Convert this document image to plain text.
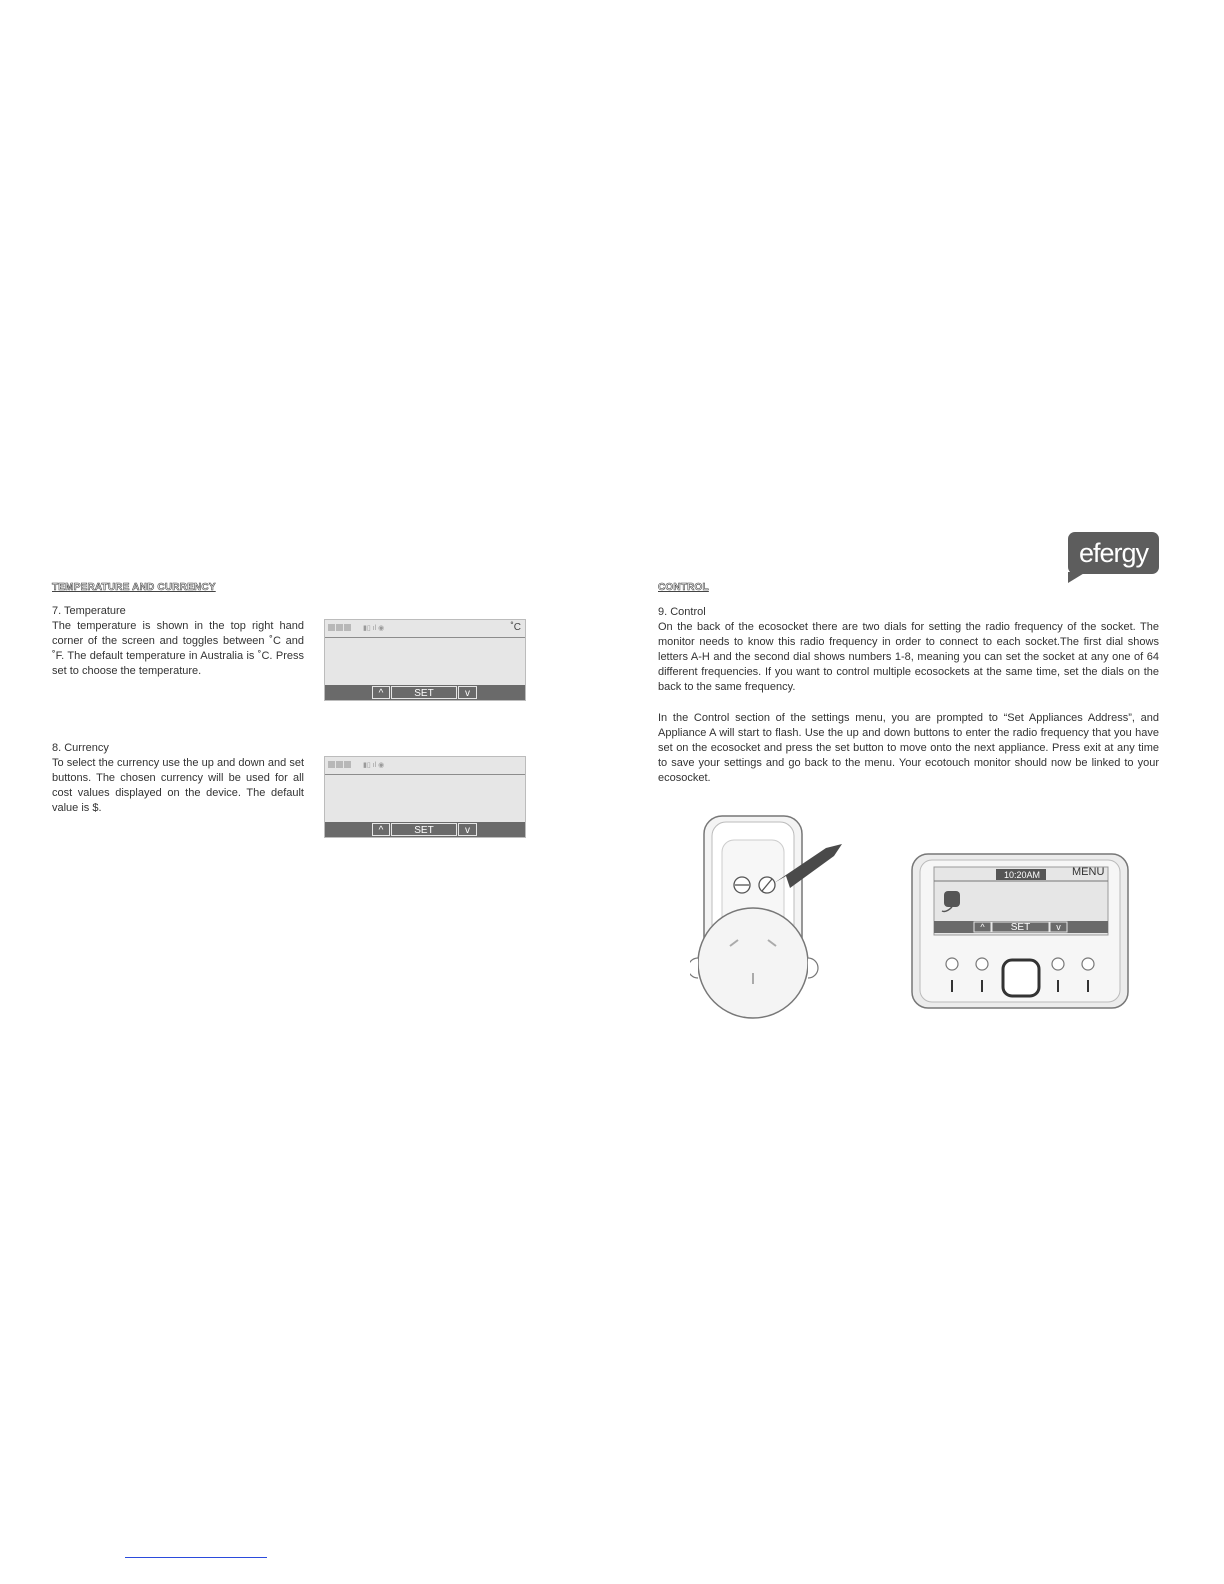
TEMPERATURE AND CURRENCY
7. Temperature
The temperature is shown in the top right hand corner of the screen and toggles between ˚C and ˚F. The default temperature in Australia is ˚C. Press set to choose the temperature.
▮▯ ıl ◉	˚C
^	SET	v
8. Currency
To select the currency use the up and down and set buttons. The chosen currency will be used for all cost values displayed on the device. The default value is $.
▮▯ ıl ◉
^	SET	v
efergy
CONTROL
9. Control
On the back of the ecosocket there are two dials for setting the radio frequency of the socket. The monitor needs to know this radio frequency in order to connect to each socket.The first dial shows letters A-H and the second dial shows numbers 1-8, meaning you can set the socket at any one of 64 different frequencies. If you want to control multiple ecosockets at the same time, set the dials on the back to the same frequency.
In the Control section of the settings menu, you are prompted to “Set Appliances Address”, and Appliance A will start to flash. Use the up and down buttons to enter the radio frequency that you have set on the ecosocket and press the set button to move onto the next appliance. Press exit at any time to save your settings and go back to the menu. Your ecotouch monitor should now be linked to your ecosocket.
10:20AM	MENU
^	SET	v
